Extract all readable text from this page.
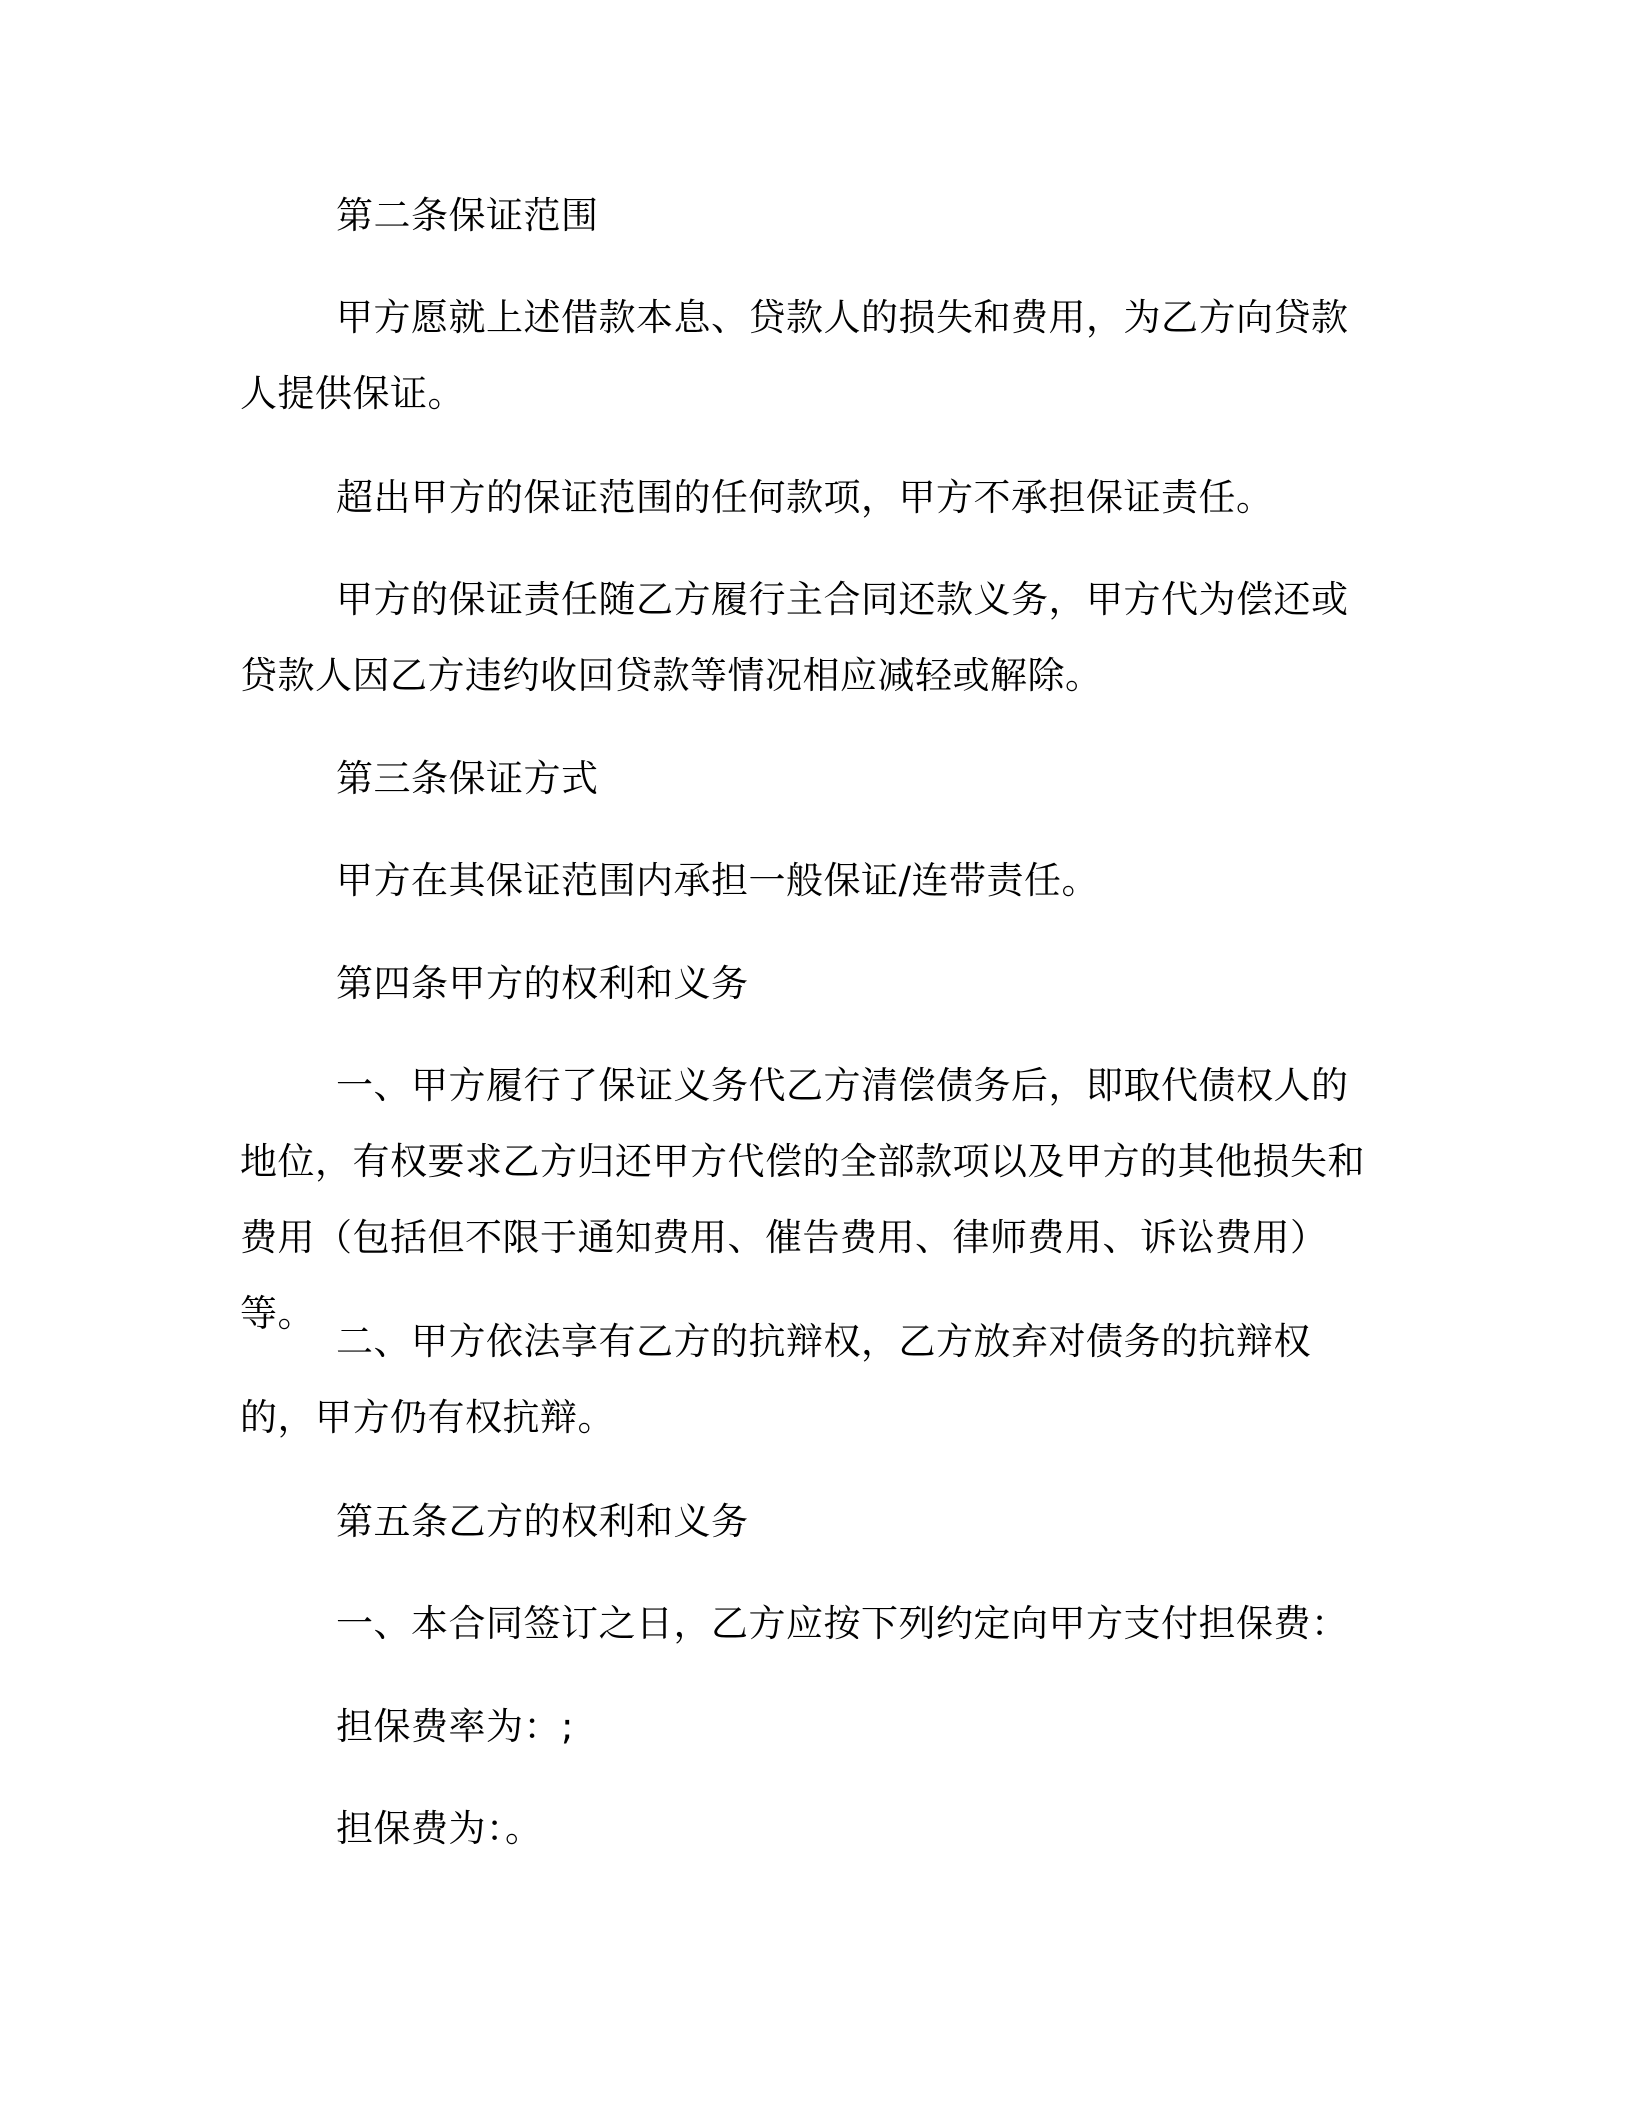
第二条保证范围

甲方愿就上述借款本息、贷款人的损失和费用，为乙方向贷款人提供保证。

超出甲方的保证范围的任何款项，甲方不承担保证责任。

甲方的保证责任随乙方履行主合同还款义务，甲方代为偿还或贷款人因乙方违约收回贷款等情况相应减轻或解除。

第三条保证方式

甲方在其保证范围内承担一般保证/连带责任。

第四条甲方的权利和义务

一、甲方履行了保证义务代乙方清偿债务后，即取代债权人的地位，有权要求乙方归还甲方代偿的全部款项以及甲方的其他损失和费用（包括但不限于通知费用、催告费用、律师费用、诉讼费用）等。

二、甲方依法享有乙方的抗辩权，乙方放弃对债务的抗辩权的，甲方仍有权抗辩。

第五条乙方的权利和义务

一、本合同签订之日，乙方应按下列约定向甲方支付担保费：

担保费率为：;

担保费为：。
